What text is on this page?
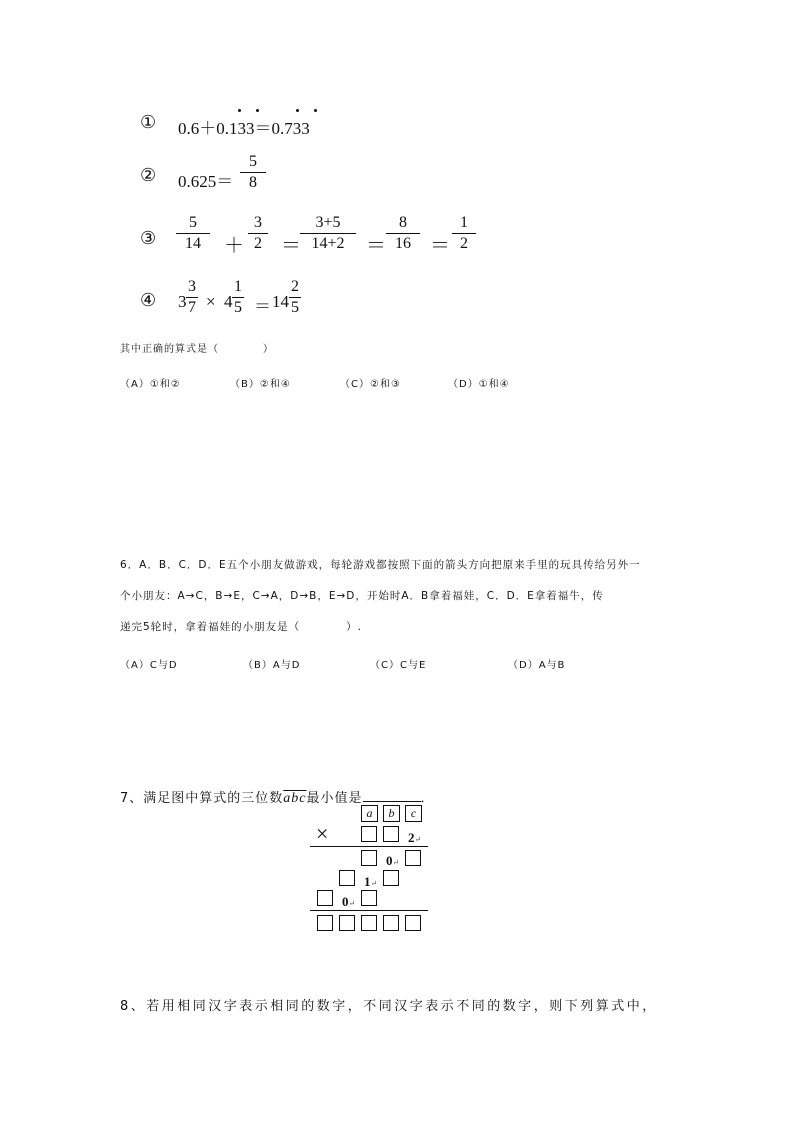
① 0.6＋0.133＝0.733
② 0.625＝
5
8
③
5
14	＋
3
2 ＝
3+5
14+2	＝
8
16 ＝
1
2
④ 3
3
7 × 4
1
5 ＝ 14
2
5
其中正确的算式是（　　　　）
（A）①和②	（B）②和④	（C）②和③	（D）①和④
6．A．B．C．D．E五个小朋友做游戏，每轮游戏都按照下面的箭头方向把原来手里的玩具传给另外一
个小朋友：A→C，B→E，C→A，D→B，E→D，开始时A．B拿着福娃，C．D．E拿着福牛，传
递完5轮时，拿着福娃的小朋友是（　　　　）.
（A）C与D	（B）A与D	（C）C与E	（D）A与B
7、满足图中算式的三位数$\overline{abc}$最小值是	．
a	b	c
×	2↵
0↵
1↵
0↵
8、若用相同汉字表示相同的数字，不同汉字表示不同的数字，则下列算式中，
